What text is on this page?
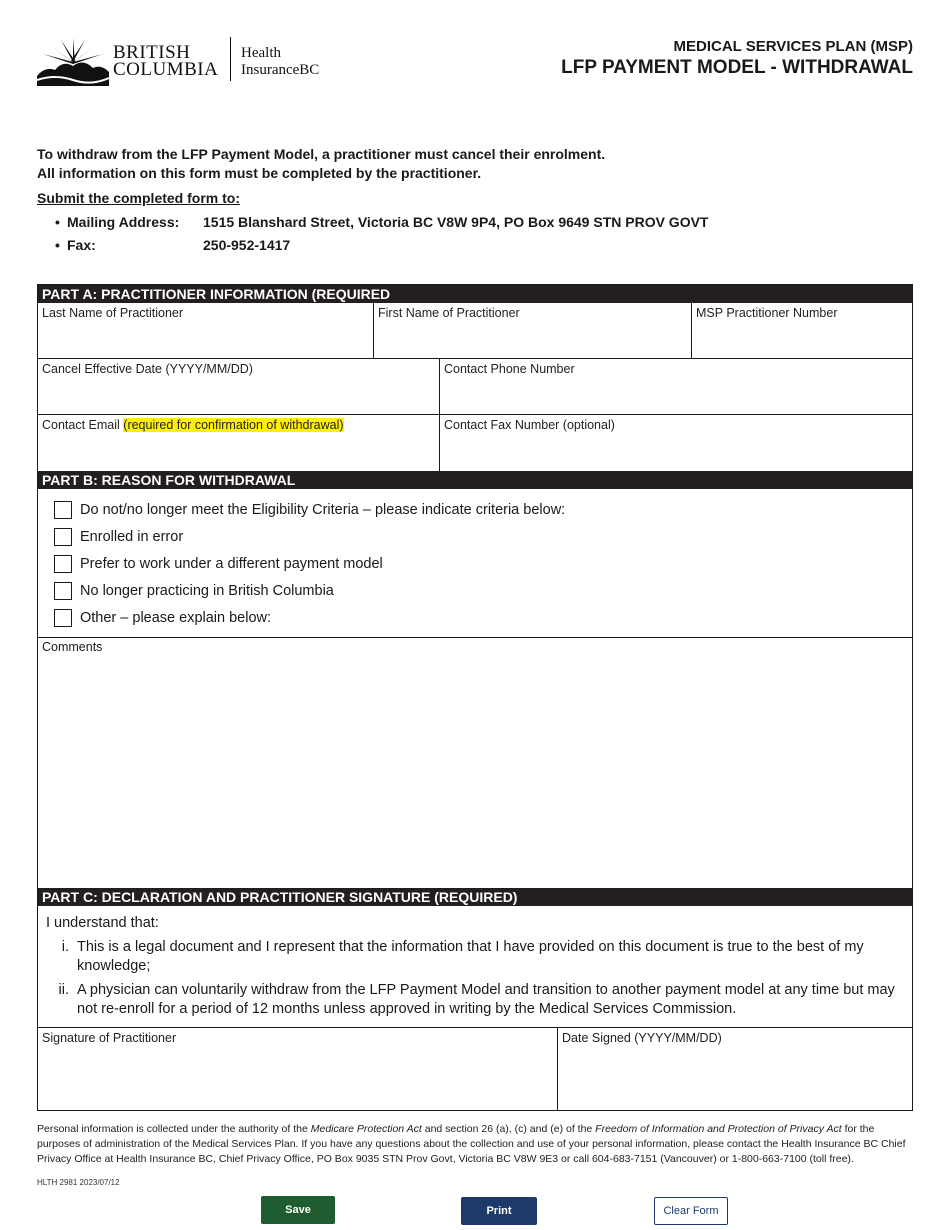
BRITISH
COLUMBIA
Health
InsuranceBC
MEDICAL SERVICES PLAN (MSP)
LFP PAYMENT MODEL - WITHDRAWAL
To withdraw from the LFP Payment Model, a practitioner must cancel their enrolment.
All information on this form must be completed by the practitioner.
Submit the completed form to:
• Mailing Address: 1515 Blanshard Street, Victoria BC V8W 9P4, PO Box 9649 STN PROV GOVT
• Fax:	250-952-1417
PART A: PRACTITIONER INFORMATION (REQUIRED
Last Name of Practitioner	First Name of Practitioner	MSP Practitioner Number
Cancel Effective Date (YYYY/MM/DD)	Contact Phone Number
Contact Email (required for confirmation of withdrawal)	Contact Fax Number (optional)
PART B: REASON FOR WITHDRAWAL
Do not/no longer meet the Eligibility Criteria – please indicate criteria below:
Enrolled in error
Prefer to work under a different payment model
No longer practicing in British Columbia
Other – please explain below:
Comments
PART C: DECLARATION AND PRACTITIONER SIGNATURE (REQUIRED)
I understand that:
i. This is a legal document and I represent that the information that I have provided on this document is true to the best of my knowledge;
ii. A physician can voluntarily withdraw from the LFP Payment Model and transition to another payment model at any time but may not re-enroll for a period of 12 months unless approved in writing by the Medical Services Commission.
Signature of Practitioner	Date Signed (YYYY/MM/DD)
Personal information is collected under the authority of the Medicare Protection Act and section 26 (a), (c) and (e) of the Freedom of Information and Protection of Privacy Act for the purposes of administration of the Medical Services Plan. If you have any questions about the collection and use of your personal information, please contact the Health Insurance BC Chief Privacy Office at Health Insurance BC, Chief Privacy Office, PO Box 9035 STN Prov Govt, Victoria BC V8W 9E3 or call 604-683-7151 (Vancouver) or 1-800-663-7100 (toll free).
HLTH 2981 2023/07/12
Save	Print	Clear Form
